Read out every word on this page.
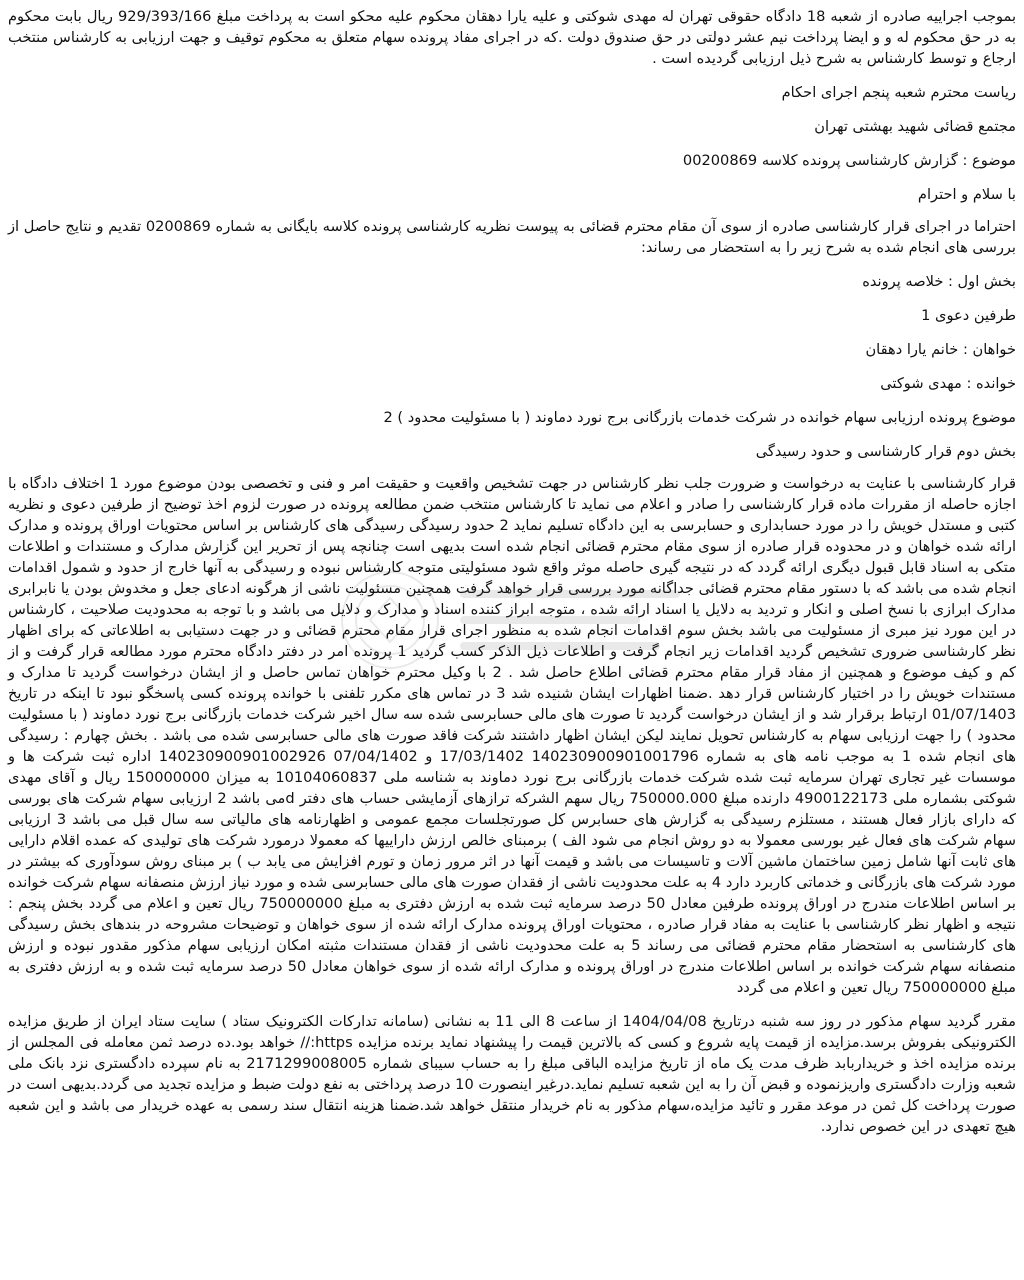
بموجب اجراییه صادره از شعبه 18 دادگاه حقوقی تهران له مهدی شوکتی و علیه یارا دهقان محکوم علیه محکو است به پرداخت مبلغ 929/393/166 ریال بابت محکوم به در حق محکوم له و و ایضا پرداخت نیم عشر دولتی در حق صندوق دولت .که در اجرای مفاد پرونده سهام متعلق به محکوم توقیف و جهت ارزیابی به کارشناس منتخب ارجاع و توسط کارشناس به شرح ذیل ارزیابی گردیده است .

ریاست محترم شعبه پنجم اجرای احکام

مجتمع قضائی شهید بهشتی تهران

موضوع : گزارش کارشناسی پرونده کلاسه 00200869

با سلام و احترام

احتراما در اجرای قرار کارشناسی صادره از سوی آن مقام محترم قضائی به پیوست نظریه کارشناسی پرونده کلاسه بایگانی به شماره 0200869 تقدیم و نتایج حاصل از بررسی های انجام شده به شرح زیر را به استحضار می رساند:

بخش اول : خلاصه پرونده

طرفین دعوی 1

خواهان : خانم یارا دهقان

خوانده : مهدی شوکتی

موضوع پرونده ارزیابی سهام خوانده در شرکت خدمات بازرگانی برج نورد دماوند ( با مسئولیت محدود ) 2

بخش دوم قرار کارشناسی و حدود رسیدگی

قرار کارشناسی با عنایت به درخواست و ضرورت جلب نظر کارشناس در جهت تشخیص واقعیت و حقیقت امر و فنی و تخصصی بودن موضوع مورد 1 اختلاف دادگاه با اجازه حاصله از مقررات ماده قرار کارشناسی را صادر و اعلام می نماید تا کارشناس منتخب ضمن مطالعه پرونده در صورت لزوم اخذ توضیح از طرفین دعوی و نظریه کتبی و مستدل خویش را در مورد حسابداری و حسابرسی به این دادگاه تسلیم نماید 2 حدود رسیدگی رسیدگی های کارشناس بر اساس محتویات اوراق پرونده و مدارک ارائه شده خواهان و در محدوده قرار صادره از سوی مقام محترم قضائی انجام شده است بدیهی است چنانچه پس از تحریر این گزارش مدارک و مستندات و اطلاعات متکی به اسناد قابل قبول دیگری ارائه گردد که در نتیجه گیری حاصله موثر واقع شود مسئولیتی متوجه کارشناس نبوده و رسیدگی به آنها خارج از حدود و شمول اقدامات انجام شده می باشد که با دستور مقام محترم قضائی جداگانه مورد بررسی قرار خواهد گرفت همچنین مسئولیت ناشی از هرگونه ادعای جعل و مخدوش بودن یا نابرابری مدارک ابرازی با نسخ اصلی و انکار و تردید به دلایل یا اسناد ارائه شده ، متوجه ابراز کننده اسناد و مدارک و دلایل می باشد و با توجه به محدودیت صلاحیت ، کارشناس در این مورد نیز مبری از مسئولیت می باشد بخش سوم اقدامات انجام شده به منظور اجرای قرار مقام محترم قضائی و در جهت دستیابی به اطلاعاتی که برای اظهار نظر کارشناسی ضروری تشخیص گردید اقدامات زیر انجام گرفت و اطلاعات ذیل الذکر کسب گردید 1 پرونده امر در دفتر دادگاه محترم مورد مطالعه قرار گرفت و از کم و کیف موضوع و همچنین از مفاد قرار مقام محترم قضائی اطلاع حاصل شد . 2 با وکیل محترم خواهان تماس حاصل و از ایشان درخواست گردید تا مدارک و مستندات خویش را در اختیار کارشناس قرار دهد .ضمنا اظهارات ایشان شنیده شد 3 در تماس های مکرر تلفنی با خوانده پرونده کسی پاسخگو نبود تا اینکه در تاریخ 01/07/1403 ارتباط برقرار شد و از ایشان درخواست گردید تا صورت های مالی حسابرسی شده سه سال اخیر شرکت خدمات بازرگانی برج نورد دماوند ( با مسئولیت محدود ) را جهت ارزیابی سهام به کارشناس تحویل نمایند لیکن ایشان اظهار داشتند شرکت فاقد صورت های مالی حسابرسی شده می باشد . بخش چهارم : رسیدگی های انجام شده 1 به موجب نامه های به شماره 140230900901001796 17/03/1402 و 07/04/1402 140230900901002926 اداره ثبت شرکت ها و موسسات غیر تجاری تهران سرمایه ثبت شده شرکت خدمات بازرگانی برج نورد دماوند به شناسه ملی 10104060837 به میزان 150000000 ریال و آقای مهدی شوکتی بشماره ملی 4900122173 دارنده مبلغ 750000.000 ریال سهم الشرکه ترازهای آزمایشی حساب های دفتر dمی باشد 2 ارزیابی سهام شرکت های بورسی که دارای بازار فعال هستند ، مستلزم رسیدگی به گزارش های حسابرس کل صورتجلسات مجمع عمومی و اظهارنامه های مالیاتی سه سال قبل می باشد 3 ارزیابی سهام شرکت های فعال غیر بورسی معمولا به دو روش انجام می شود الف ) برمبنای خالص ارزش داراییها که معمولا درمورد شرکت های تولیدی که عمده اقلام دارایی های ثابت آنها شامل زمین ساختمان ماشین آلات و تاسیسات می باشد و قیمت آنها در اثر مرور زمان و تورم افزایش می یابد ب ) بر مبنای روش سودآوری که بیشتر در مورد شرکت های بازرگانی و خدماتی کاربرد دارد 4 به علت محدودیت ناشی از فقدان صورت های مالی حسابرسی شده و مورد نیاز ارزش منصفانه سهام شرکت خوانده بر اساس اطلاعات مندرج در اوراق پرونده طرفین معادل 50 درصد سرمایه ثبت شده به ارزش دفتری به مبلغ 750000000 ریال تعین و اعلام می گردد بخش پنجم : نتیجه و اظهار نظر کارشناسی با عنایت به مفاد قرار صادره ، محتویات اوراق پرونده مدارک ارائه شده از سوی خواهان و توضیحات مشروحه در بندهای بخش رسیدگی های کارشناسی به استحضار مقام محترم قضائی می رساند 5 به علت محدودیت ناشی از فقدان مستندات مثبته امکان ارزیابی سهام مذکور مقدور نبوده و ارزش منصفانه سهام شرکت خوانده بر اساس اطلاعات مندرج در اوراق پرونده و مدارک ارائه شده از سوی خواهان معادل 50 درصد سرمایه ثبت شده و به ارزش دفتری به مبلغ 750000000 ریال تعین و اعلام می گردد

مقرر گردید سهام مذکور در روز سه شنبه درتاریخ 1404/04/08 از ساعت 8 الی 11 به نشانی (سامانه تدارکات الکترونیک ستاد ) سایت ستاد ایران از طریق مزایده الکترونیکی بفروش برسد.مزایده از قیمت پایه شروع و کسی که بالاترین قیمت را پیشنهاد نماید برنده مزایده https:// خواهد بود.ده درصد ثمن معامله فی المجلس از برنده مزایده اخذ و خریداربابد ظرف مدت یک ماه از تاریخ مزایده الباقی مبلغ را به حساب سیبای شماره 2171299008005 به نام سپرده دادگستری نزد بانک ملی شعبه وزارت دادگستری واریزنموده و قبض آن را به این شعبه تسلیم نماید.درغیر اینصورت 10 درصد پرداختی به نفع دولت ضبط و مزایده تجدید می گردد.بدیهی است در صورت پرداخت کل ثمن در موعد مقرر و تائید مزایده،سهام مذکور به نام خریدار منتقل خواهد شد.ضمنا هزینه انتقال سند رسمی به عهده خریدار می باشد و این شعبه هیچ تعهدی در این خصوص ندارد.
